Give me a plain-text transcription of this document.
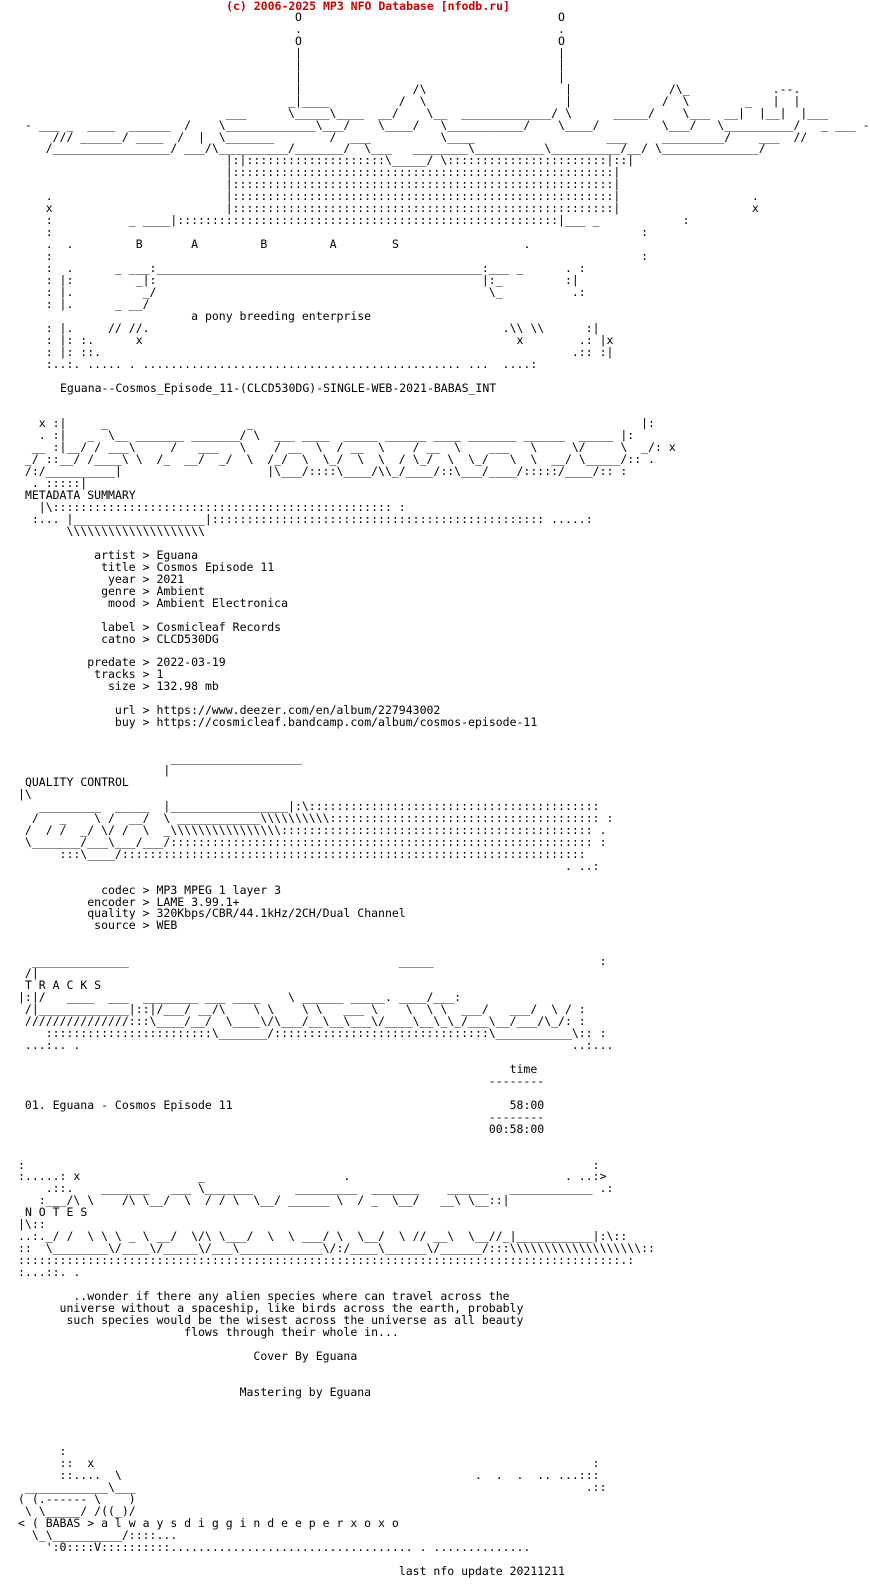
(c) 2006-2025 MP3 NFO Database [nfodb.ru]
O                                     O
.                                     .
O                                     O
|                                     |
|                                     |
|                                     |
|                /\                    |              /\_            .--.
_|____          /  \                    |             /  \        _   |  |
___      \_____\____  __/    \__  _____________/ \      _____/    \___  __|  |__|  |___
- ___ _  ____  ______  /    \_____________\___/    \____/   \___________/    \____/         \___/   \__________/   _ ___ -
/// ______/ ____  /  |  \_______        /  ___          \____                   ___     _________/    ___  //
/_________________/ ___/\__________/_______/  \___   ________\__________\__________/__/ \______________/
|:|::::::::::::::::::::\_____/ \:::::::::::::::::::::::|::|
|:::::::::::::::::::::::::::::::::::::::::::::::::::::::|
|:::::::::::::::::::::::::::::::::::::::::::::::::::::::|
.                         |:::::::::::::::::::::::::::::::::::::::::::::::::::::::|                   .
x                         |:::::::::::::::::::::::::::::::::::::::::::::::::::::::|                   x
:           _ ____|:::::::::::::::::::::::::::::::::::::::::::::::::::::::|___ _            :
:                                                                                     :
.  .	B	A	B	A	S                  .
:                                                                                     :
:  .      _ ___:_______________________________________________:___ _      . :
: |:         _|:                                               |:_         :|
: |.          _/                                                \_          .:
: |.      _ __/
a pony breeding enterprise
: |.     // //.                                                   .\\ \\      :|
: |: :.      x                                                      x        .: |x
: |: ::.                                                                    .:: :|
:..:. ..... . .............................................. ...  ....:

Eguana--Cosmos_Episode_11-(CLCD530DG)-SINGLE-WEB-2021-BABAS_INT

x :|     _                    _                                                        |:
. :|   _  \__ _______ _______/ \  ___ ____  _____ ______ ____ _______ ______  _____ |:
__ :|__/ / ___\     /   ___   \    / __  \  / __  \    / __  \    ___   \     \/     \  _/: x
_/ ::__/ /____\ \  /_  __/  _/  \  /_/  \  \_/  \  \  / \_/  \  \_/   \  \  __/ \_____/:: .
/:/__________|                     |\___/::::\____/\\_/____/::\___/____/:::::/____/:: :
. :::::|
METADATA SUMMARY
|\::::::::::::::::::::::::::::::::::::::::::::::::: :
:... |___________________|:::::::::::::::::::::::::::::::::::::::::::::::: .....:
\\\\\\\\\\\\\\\\\\\\

artist > Eguana
title > Cosmos Episode 11
year > 2021
genre > Ambient
mood > Ambient Electronica

label > Cosmicleaf Records
catno > CLCD530DG

predate > 2022-03-19
tracks > 1
size > 132.98 mb

url > https://www.deezer.com/en/album/227943002
buy > https://cosmicleaf.bandcamp.com/album/cosmos-episode-11

___________________
|
QUALITY CONTROL
|\
_________  _____  |_________________|:\::::::::::::::::::::::::::::::::::::::::::
/   _    \ /  __/  \ ____________\\\\\\\\\\::::::::::::::::::::::::::::::::::::::: :
/  / /  _/ \/ /  \  _\\\\\\\\\\\\\\\\::::::::::::::::::::::::::::::::::::::::::::: .
\_______/___\___/___/::::::::::::::::::::::::::::::::::::::::::::::::::::::::::::: :
:::\____/:::::::::::::::::::::::::::::::::::::::::::::::::::::::::::::::::::
. ..:

codec > MP3 MPEG 1 layer 3
encoder > LAME 3.99.1+
quality > 320Kbps/CBR/44.1kHz/2CH/Dual Channel
source > WEB

______________                                       _____                        :
/|
T R A C K S
|:|/   ____  ___  ________ ___ ____    \ ______ _____. ____/___:
/|_____________|::|/___/ __/\    \ \    \ \   ___ \    \  \ \  ___/   ___/  \ / :
///////////////:::\____/__/  \____\/\___/__\__\___\/____\__\_\_/___\__/___/\_/: :
::::::::::::::::::::::::\_______/:::::::::::::::::::::::::::::::\___________\:: :
...:.. .                                                                       ..:...

time
--------

01. Eguana - Cosmos Episode 11	58:00
--------
00:58:00

:                                                                                  :
:.....: x                 _                    .                               . ..:>
.::.    _______   ___ \_______      _________  _______    ______   ____________ .:
:___/\ \    /\ \__/  \  / / \  \__/ ______ \  / _  \__/   __\ \__::|
N O T E S
|\::
..:._/ /  \ \ \ _ \ __/  \/\ \___/  \  \ ___/ \  \__/  \ // __\  \__//_|___________|:\::
::  \________\/____\/_____\/___\____________\/:/____\______\/______/:::\\\\\\\\\\\\\\\\\\\::
:::::::::::::::::::::::::::::::::::::::::::::::::::::::::::::::::::::::::::::::::::::::.:
:...::. .

..wonder if there any alien species where can travel across the
universe without a spaceship, like birds across the earth, probably
such species would be the wisest across the universe as all beauty
flows through their whole in...

Cover By Eguana

Mastering by Eguana

:
::  x                                                                        :
::....  \                                                   .  .  .  .. ...:::
____________\___                                                                 .::
( (.------ \    )
\ \_____/ /((_)/
< ( BABAS > a l w a y s d i g g i n d e e p e r x o x o
\_\__________/::::...
':0::::V::::::::::................................... . ..............

last nfo update 20211211
